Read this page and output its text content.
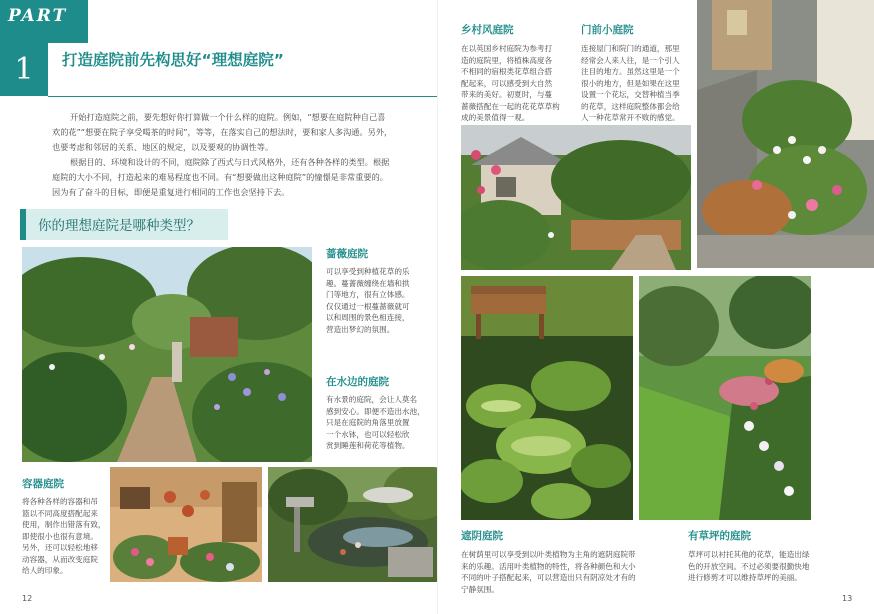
PART
1	打造庭院前先构思好“理想庭院”
开始打造庭院之前，要先想好你打算做一个什么样的庭院。例如，“想要在庭院种自己喜
欢的花”“想要在院子享受喝茶的时间”，等等，在落实自己的想法时，要和家人多沟通。另外，
也要考虑和邻居的关系、地区的规定，以及要观的协调性等。
根据目的、环境和设计的不同，庭院除了西式与日式风格外，还有各种各样的类型。根据
庭院的大小不同，打造起来的难易程度也不同。有“想要做出这种庭院”的憧憬是非常重要的。
因为有了奋斗的目标，即便是重复进行相同的工作也会坚持下去。
你的理想庭院是哪种类型？
蔷薇庭院
可以享受到种植花草的乐
趣。蔓蔷薇缠绕在墙和拱
门等地方，很有立体感。
仅仅通过一根蔓蔷薇就可
以和周围的景色相连接，
营造出梦幻的氛围。
在水边的庭院
有水景的庭院，会让人莫名
感到安心。即便不造出水池，
只是在庭院的角落里放置
一个水钵，也可以轻松欣
赏到睡莲和荷花等植物。
容器庭院
将各种各样的容器和吊
篮以不同高度搭配起来
使用，制作出错落有致，
即使很小也很有意境。
另外，还可以轻松地移
动容器，从而改变庭院
给人的印象。
12
乡村风庭院
在以英国乡村庭院为参考打
造的庭院里，将植株高度各
不相同的宿根类花草组合搭
配起来，可以感受到大自然
带来的美好。初夏时，与蔓
蔷薇搭配在一起的花花草草构
成的美景值得一观。
门前小庭院
连接屋门和院门的通道，那里
经常会人来人往，是一个引人
注目的地方。虽然这里是一个
很小的地方，但是如果在这里
设置一个花坛，交替种植当季
的花草，这样庭院整体都会给
人一种花草常开不败的感觉。
遮阴庭院
在树荫里可以享受到以叶类植物为主角的遮阴庭院带
来的乐趣。活用叶类植物的特性，将各种颜色和大小
不同的叶子搭配起来，可以营造出只有阴凉处才有的
宁静氛围。
有草坪的庭院
草坪可以衬托其他的花草，能造出绿
色的开放空间。不过必须要很勤快地
进行修剪才可以维持草坪的美丽。
13
